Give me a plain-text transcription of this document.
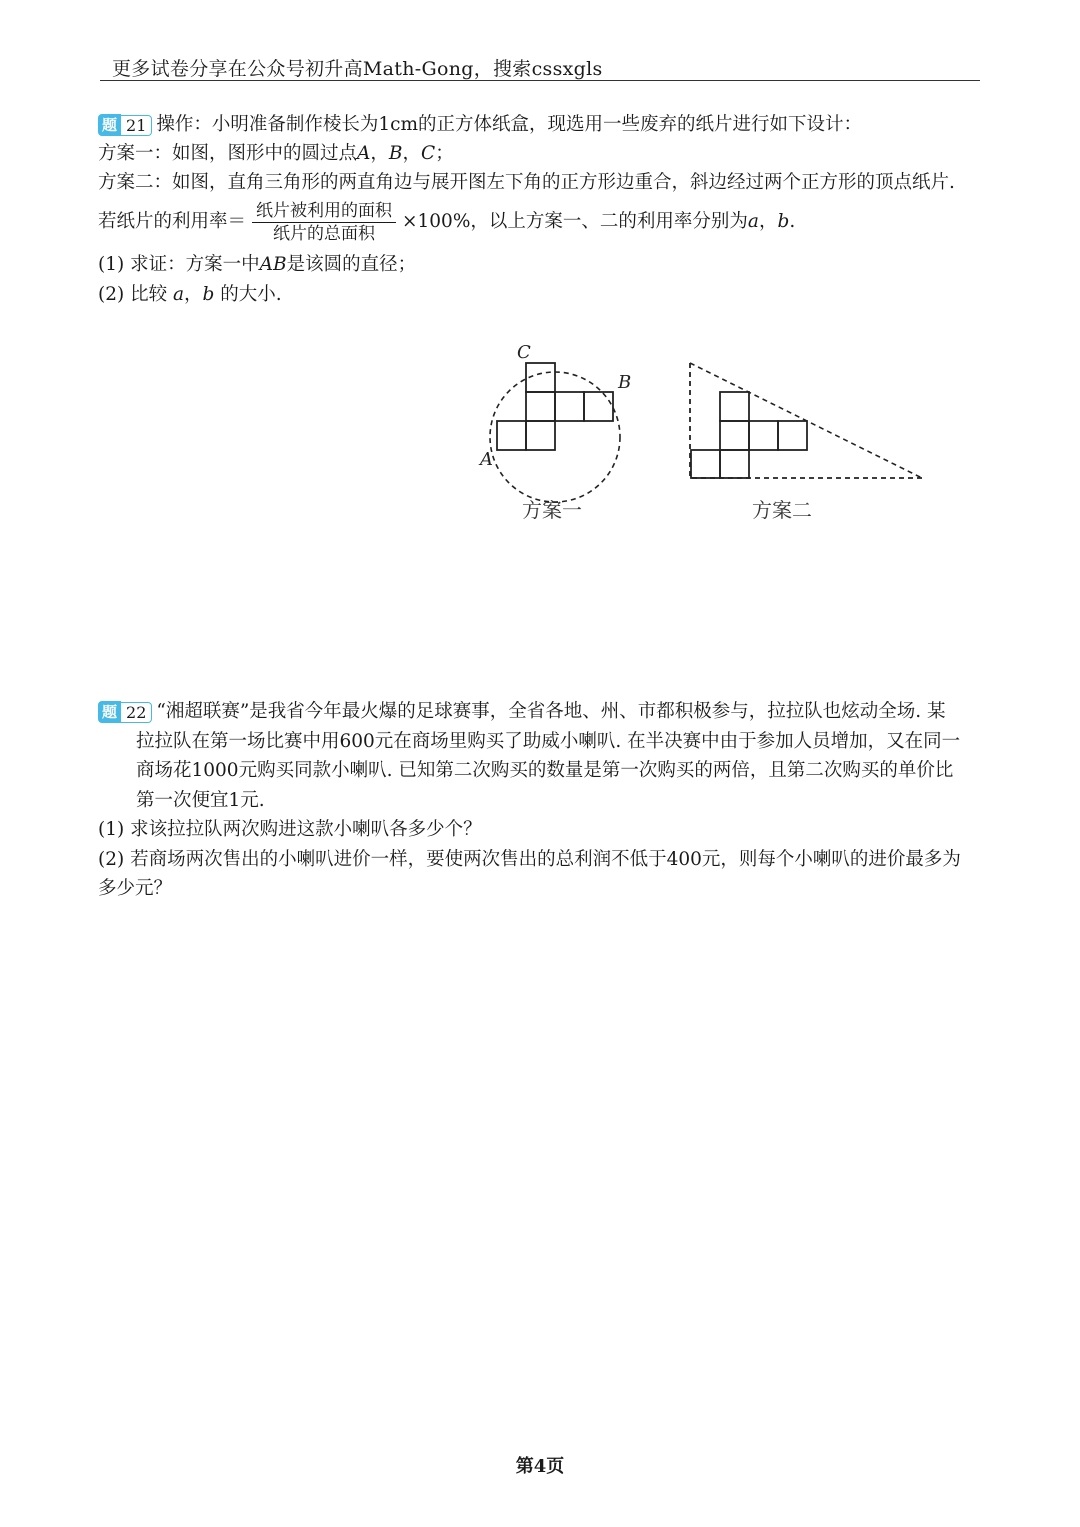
更多试卷分享在公众号初升高Math-Gong，搜索cssxgls
题 21 操作：小明准备制作棱长为1cm的正方体纸盒，现选用一些废弃的纸片进行如下设计：
方案一：如图，图形中的圆过点A，B，C；
方案二：如图，直角三角形的两直角边与展开图左下角的正方形边重合，斜边经过两个正方形的顶点纸片.
若纸片的利用率＝ $\frac{\text{纸片被利用的面积}}{\text{纸片的总面积}} \times 100\%$，以上方案一、二的利用率分别为a，b.
(1) 求证：方案一中AB是该圆的直径；
(2) 比较 a，b 的大小.
C
B
A
方案一	方案二
题 22 “湘超联赛”是我省今年最火爆的足球赛事，全省各地、州、市都积极参与，拉拉队也炫动全场. 某
拉拉队在第一场比赛中用600元在商场里购买了助威小喇叭. 在半决赛中由于参加人员增加，又在同一
商场花1000元购买同款小喇叭. 已知第二次购买的数量是第一次购买的两倍，且第二次购买的单价比
第一次便宜1元.
(1) 求该拉拉队两次购进这款小喇叭各多少个？
(2) 若商场两次售出的小喇叭进价一样，要使两次售出的总利润不低于400元，则每个小喇叭的进价最多为
多少元？
第4页
